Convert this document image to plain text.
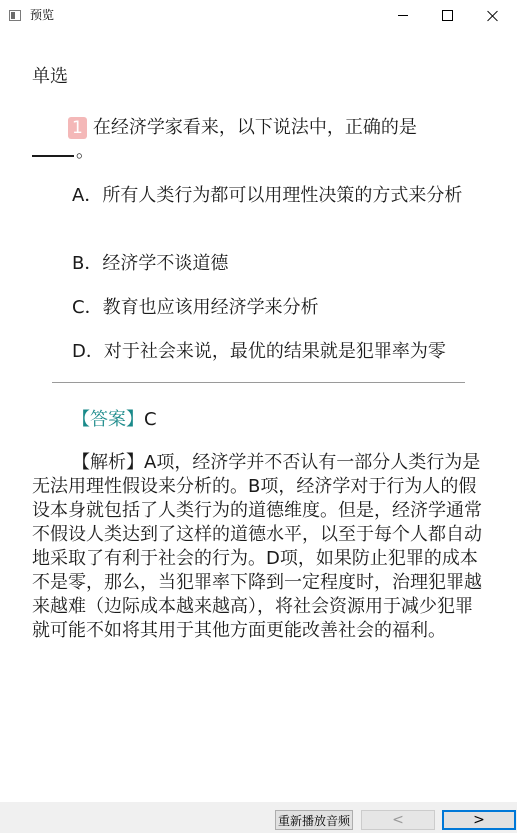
预览
单选
1 在经济学家看来，以下说法中，正确的是
。
A．所有人类行为都可以用理性决策的方式来分析
B．经济学不谈道德
C．教育也应该用经济学来分析
D．对于社会来说，最优的结果就是犯罪率为零
【答案】C
【解析】A项，经济学并不否认有一部分人类行为是无法用理性假设来分析的。B项，经济学对于行为人的假设本身就包括了人类行为的道德维度。但是，经济学通常不假设人类达到了这样的道德水平，以至于每个人都自动地采取了有利于社会的行为。D项，如果防止犯罪的成本不是零，那么，当犯罪率下降到一定程度时，治理犯罪越来越难（边际成本越来越高），将社会资源用于减少犯罪就可能不如将其用于其他方面更能改善社会的福利。
重新播放音频	<	>
